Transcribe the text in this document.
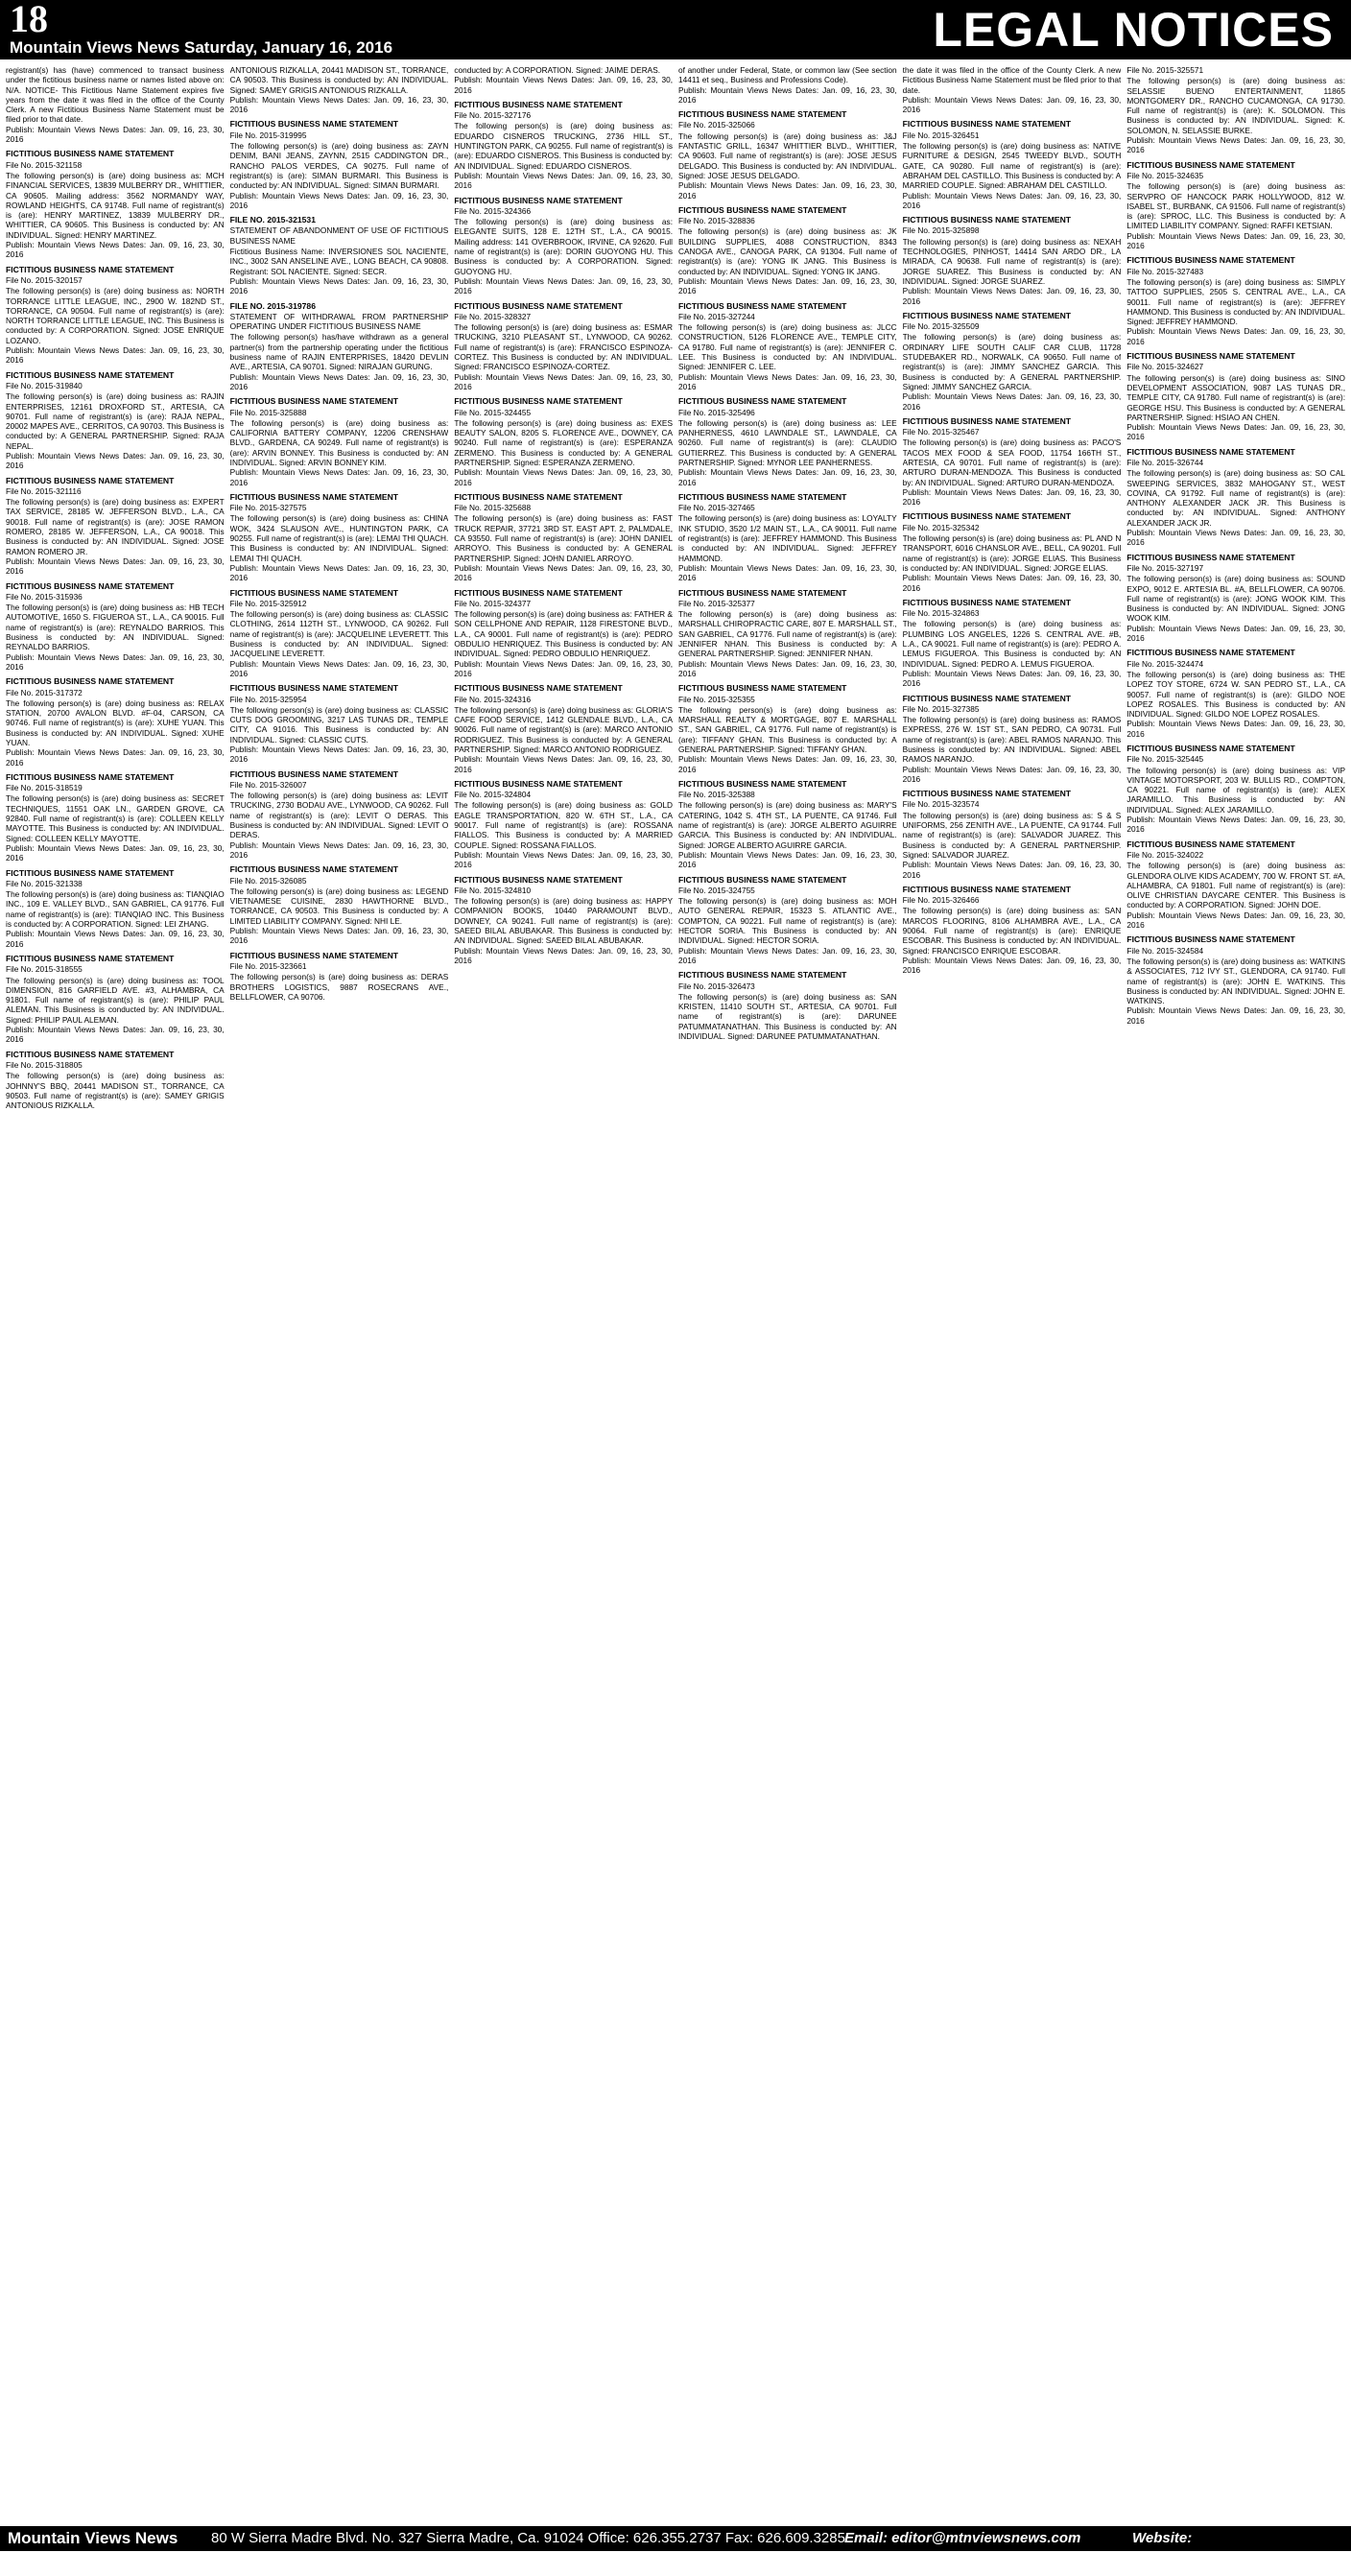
18
Mountain Views News Saturday, January 16, 2016	LEGAL NOTICES
registrant(s) has (have) commenced to transact business under the fictitious business name or names listed above on: N/A. NOTICE- This Fictitious Name Statement expires five years from the date it was filed in the office of the County Clerk. A new Fictitious Business Name Statement must be filed prior to that date.
Publish: Mountain Views News Dates: Jan. 09, 16, 23, 30, 2016
FICTITIOUS BUSINESS NAME STATEMENT
File No. 2015-321158
The following person(s) is (are) doing business as: MCH FINANCIAL SERVICES, 13839 MULBERRY DR., WHITTIER, CA 90605. Mailing address: 3562 NORMANDY WAY, ROWLAND HEIGHTS, CA 91748. Full name of registrant(s) is (are): HENRY MARTINEZ, 13839 MULBERRY DR., WHITTIER, CA 90605. This Business is conducted by: AN INDIVIDUAL. Signed: HENRY MARTINEZ.
Publish: Mountain Views News Dates: Jan. 09, 16, 23, 30, 2016
FICTITIOUS BUSINESS NAME STATEMENT
File No. 2015-320157
The following person(s) is (are) doing business as: NORTH TORRANCE LITTLE LEAGUE, INC., 2900 W. 182ND ST., TORRANCE, CA 90504. Full name of registrant(s) is (are): NORTH TORRANCE LITTLE LEAGUE, INC. This Business is conducted by: A CORPORATION. Signed: JOSE ENRIQUE LOZANO.
Publish: Mountain Views News Dates: Jan. 09, 16, 23, 30, 2016
FICTITIOUS BUSINESS NAME STATEMENT
File No. 2015-319840
The following person(s) is (are) doing business as: RAJIN ENTERPRISES, 12161 DROXFORD ST., ARTESIA, CA 90701. Full name of registrant(s) is (are): RAJA NEPAL, 20002 MAPES AVE., CERRITOS, CA 90703. This Business is conducted by: A GENERAL PARTNERSHIP. Signed: RAJA NEPAL.
Publish: Mountain Views News Dates: Jan. 09, 16, 23, 30, 2016
FICTITIOUS BUSINESS NAME STATEMENT
File No. 2015-321116
The following person(s) is (are) doing business as: EXPERT TAX SERVICE, 28185 W. JEFFERSON BLVD., L.A., CA 90018. Full name of registrant(s) is (are): JOSE RAMON ROMERO, 28185 W. JEFFERSON, L.A., CA 90018. This Business is conducted by: AN INDIVIDUAL. Signed: JOSE RAMON ROMERO JR.
Publish: Mountain Views News Dates: Jan. 09, 16, 23, 30, 2016
FICTITIOUS BUSINESS NAME STATEMENT
File No. 2015-315936
The following person(s) is (are) doing business as: HB TECH AUTOMOTIVE, 1650 S. FIGUEROA ST., L.A., CA 90015. Full name of registrant(s) is (are): REYNALDO BARRIOS. This Business is conducted by: AN INDIVIDUAL. Signed: REYNALDO BARRIOS.
Publish: Mountain Views News Dates: Jan. 09, 16, 23, 30, 2016
FICTITIOUS BUSINESS NAME STATEMENT
File No. 2015-317372
The following person(s) is (are) doing business as: RELAX STATION, 20700 AVALON BLVD. #F-04, CARSON, CA 90746. Full name of registrant(s) is (are): XUHE YUAN. This Business is conducted by: AN INDIVIDUAL. Signed: XUHE YUAN.
Publish: Mountain Views News Dates: Jan. 09, 16, 23, 30, 2016
FICTITIOUS BUSINESS NAME STATEMENT
File No. 2015-318519
The following person(s) is (are) doing business as: SECRET TECHNIQUES, 11551 OAK LN., GARDEN GROVE, CA 92840. Full name of registrant(s) is (are): COLLEEN KELLY MAYOTTE. This Business is conducted by: AN INDIVIDUAL. Signed: COLLEEN KELLY MAYOTTE.
Publish: Mountain Views News Dates: Jan. 09, 16, 23, 30, 2016
FICTITIOUS BUSINESS NAME STATEMENT
File No. 2015-321338
The following person(s) is (are) doing business as: TIANQIAO INC., 109 E. VALLEY BLVD., SAN GABRIEL, CA 91776. Full name of registrant(s) is (are): TIANQIAO INC. This Business is conducted by: A CORPORATION. Signed: LEI ZHANG.
Publish: Mountain Views News Dates: Jan. 09, 16, 23, 30, 2016
FICTITIOUS BUSINESS NAME STATEMENT
File No. 2015-318555
The following person(s) is (are) doing business as: TOOL DIMENSION, 816 GARFIELD AVE. #3, ALHAMBRA, CA 91801. Full name of registrant(s) is (are): PHILIP PAUL ALEMAN. This Business is conducted by: AN INDIVIDUAL. Signed: PHILIP PAUL ALEMAN.
Publish: Mountain Views News Dates: Jan. 09, 16, 23, 30, 2016
FICTITIOUS BUSINESS NAME STATEMENT
File No. 2015-318805
The following person(s) is (are) doing business as: JOHNNY'S BBQ, 20441 MADISON ST., TORRANCE, CA 90503. Full name of registrant(s) is (are): SAMEY GRIGIS ANTONIOUS RIZKALLA.
ANTONIOUS RIZKALLA, 20441 MADISON ST., TORRANCE, CA 90503. This Business is conducted by: AN INDIVIDUAL. Signed: SAMEY GRIGIS ANTONIOUS RIZKALLA.
Publish: Mountain Views News Dates: Jan. 09, 16, 23, 30, 2016
FICTITIOUS BUSINESS NAME STATEMENT
File No. 2015-319995
The following person(s) is (are) doing business as: ZAYN DENIM, BANI JEANS, ZAYNN, 2515 CADDINGTON DR., RANCHO PALOS VERDES, CA 90275. Full name of registrant(s) is (are): SIMAN BURMARI. This Business is conducted by: AN INDIVIDUAL. Signed: SIMAN BURMARI.
Publish: Mountain Views News Dates: Jan. 09, 16, 23, 30, 2016
FILE NO. 2015-321531
STATEMENT OF ABANDONMENT OF USE OF FICTITIOUS BUSINESS NAME
Fictitious Business Name: INVERSIONES SOL NACIENTE, INC., 3002 SAN ANSELINE AVE., LONG BEACH, CA 90808. Registrant: SOL NACIENTE. Signed: SECR.
Publish: Mountain Views News Dates: Jan. 09, 16, 23, 30, 2016
FILE NO. 2015-319786
STATEMENT OF WITHDRAWAL FROM PARTNERSHIP OPERATING UNDER FICTITIOUS BUSINESS NAME
The following person(s) has/have withdrawn as a general partner(s) from the partnership operating under the fictitious business name of RAJIN ENTERPRISES, 18420 DEVLIN AVE., ARTESIA, CA 90701. Signed: NIRAJAN GURUNG.
Publish: Mountain Views News Dates: Jan. 09, 16, 23, 30, 2016
FICTITIOUS BUSINESS NAME STATEMENT
File No. 2015-325888
The following person(s) is (are) doing business as: CALIFORNIA BATTERY COMPANY, 12206 CRENSHAW BLVD., GARDENA, CA 90249. Full name of registrant(s) is (are): ARVIN BONNEY. This Business is conducted by: AN INDIVIDUAL. Signed: ARVIN BONNEY KIM.
Publish: Mountain Views News Dates: Jan. 09, 16, 23, 30, 2016
FICTITIOUS BUSINESS NAME STATEMENT
File No. 2015-327575
The following person(s) is (are) doing business as: CHINA WOK, 3424 SLAUSON AVE., HUNTINGTON PARK, CA 90255. Full name of registrant(s) is (are): LEMAI THI QUACH. This Business is conducted by: AN INDIVIDUAL. Signed: LEMAI THI QUACH.
Publish: Mountain Views News Dates: Jan. 09, 16, 23, 30, 2016
FICTITIOUS BUSINESS NAME STATEMENT
File No. 2015-325912
The following person(s) is (are) doing business as: CLASSIC CLOTHING, 2614 112TH ST., LYNWOOD, CA 90262. Full name of registrant(s) is (are): JACQUELINE LEVERETT. This Business is conducted by: AN INDIVIDUAL. Signed: JACQUELINE LEVERETT.
Publish: Mountain Views News Dates: Jan. 09, 16, 23, 30, 2016
FICTITIOUS BUSINESS NAME STATEMENT
File No. 2015-325954
The following person(s) is (are) doing business as: CLASSIC CUTS DOG GROOMING, 3217 LAS TUNAS DR., TEMPLE CITY, CA 91016. This Business is conducted by: AN INDIVIDUAL. Signed: CLASSIC CUTS.
Publish: Mountain Views News Dates: Jan. 09, 16, 23, 30, 2016
FICTITIOUS BUSINESS NAME STATEMENT
File No. 2015-326007
The following person(s) is (are) doing business as: LEVIT TRUCKING, 2730 BODAU AVE., LYNWOOD, CA 90262. Full name of registrant(s) is (are): LEVIT O DERAS. This Business is conducted by: AN INDIVIDUAL. Signed: LEVIT O DERAS.
Publish: Mountain Views News Dates: Jan. 09, 16, 23, 30, 2016
FICTITIOUS BUSINESS NAME STATEMENT
File No. 2015-326085
The following person(s) is (are) doing business as: LEGEND VIETNAMESE CUISINE, 2830 HAWTHORNE BLVD., TORRANCE, CA 90503. This Business is conducted by: A LIMITED LIABILITY COMPANY. Signed: NHI LE.
Publish: Mountain Views News Dates: Jan. 09, 16, 23, 30, 2016
FICTITIOUS BUSINESS NAME STATEMENT
File No. 2015-323661
The following person(s) is (are) doing business as: DERAS BROTHERS LOGISTICS, 9887 ROSECRANS AVE., BELLFLOWER, CA 90706.
conducted by: A CORPORATION. Signed: JAIME DERAS.
Publish: Mountain Views News Dates: Jan. 09, 16, 23, 30, 2016
FICTITIOUS BUSINESS NAME STATEMENT
File No. 2015-327176
The following person(s) is (are) doing business as: EDUARDO CISNEROS TRUCKING, 2736 HILL ST., HUNTINGTON PARK, CA 90255. Full name of registrant(s) is (are): EDUARDO CISNEROS. This Business is conducted by: AN INDIVIDUAL. Signed: EDUARDO CISNEROS.
Publish: Mountain Views News Dates: Jan. 09, 16, 23, 30, 2016
FICTITIOUS BUSINESS NAME STATEMENT
File No. 2015-324366
The following person(s) is (are) doing business as: ELEGANTE SUITS, 128 E. 12TH ST., L.A., CA 90015. Mailing address: 141 OVERBROOK, IRVINE, CA 92620. Full name of registrant(s) is (are): DORIN GUOYONG HU. This Business is conducted by: A CORPORATION. Signed: GUOYONG HU.
Publish: Mountain Views News Dates: Jan. 09, 16, 23, 30, 2016
FICTITIOUS BUSINESS NAME STATEMENT
File No. 2015-328327
The following person(s) is (are) doing business as: ESMAR TRUCKING, 3210 PLEASANT ST., LYNWOOD, CA 90262. Full name of registrant(s) is (are): FRANCISCO ESPINOZA-CORTEZ. This Business is conducted by: AN INDIVIDUAL. Signed: FRANCISCO ESPINOZA-CORTEZ.
Publish: Mountain Views News Dates: Jan. 09, 16, 23, 30, 2016
FICTITIOUS BUSINESS NAME STATEMENT
File No. 2015-324455
The following person(s) is (are) doing business as: EXES BEAUTY SALON, 8205 S. FLORENCE AVE., DOWNEY, CA 90240. Full name of registrant(s) is (are): ESPERANZA ZERMENO. This Business is conducted by: A GENERAL PARTNERSHIP. Signed: ESPERANZA ZERMENO.
Publish: Mountain Views News Dates: Jan. 09, 16, 23, 30, 2016
FICTITIOUS BUSINESS NAME STATEMENT
File No. 2015-325688
The following person(s) is (are) doing business as: FAST TRUCK REPAIR, 37721 3RD ST. EAST APT. 2, PALMDALE, CA 93550. Full name of registrant(s) is (are): JOHN DANIEL ARROYO. This Business is conducted by: A GENERAL PARTNERSHIP. Signed: JOHN DANIEL ARROYO.
Publish: Mountain Views News Dates: Jan. 09, 16, 23, 30, 2016
FICTITIOUS BUSINESS NAME STATEMENT
File No. 2015-324377
The following person(s) is (are) doing business as: FATHER & SON CELLPHONE AND REPAIR, 1128 FIRESTONE BLVD., L.A., CA 90001. Full name of registrant(s) is (are): PEDRO OBDULIO HENRIQUEZ. This Business is conducted by: AN INDIVIDUAL. Signed: PEDRO OBDULIO HENRIQUEZ.
Publish: Mountain Views News Dates: Jan. 09, 16, 23, 30, 2016
FICTITIOUS BUSINESS NAME STATEMENT
File No. 2015-324316
The following person(s) is (are) doing business as: GLORIA'S CAFE FOOD SERVICE, 1412 GLENDALE BLVD., L.A., CA 90026. Full name of registrant(s) is (are): MARCO ANTONIO RODRIGUEZ. This Business is conducted by: A GENERAL PARTNERSHIP. Signed: MARCO ANTONIO RODRIGUEZ.
Publish: Mountain Views News Dates: Jan. 09, 16, 23, 30, 2016
FICTITIOUS BUSINESS NAME STATEMENT
File No. 2015-324804
The following person(s) is (are) doing business as: GOLD EAGLE TRANSPORTATION, 820 W. 6TH ST., L.A., CA 90017. Full name of registrant(s) is (are): ROSSANA FIALLOS. This Business is conducted by: A MARRIED COUPLE. Signed: ROSSANA FIALLOS.
Publish: Mountain Views News Dates: Jan. 09, 16, 23, 30, 2016
FICTITIOUS BUSINESS NAME STATEMENT
File No. 2015-324810
The following person(s) is (are) doing business as: HAPPY COMPANION BOOKS, 10440 PARAMOUNT BLVD., DOWNEY, CA 90241. Full name of registrant(s) is (are): SAEED BILAL ABUBAKAR. This Business is conducted by: AN INDIVIDUAL. Signed: SAEED BILAL ABUBAKAR.
Publish: Mountain Views News Dates: Jan. 09, 16, 23, 30, 2016
of another under Federal, State, or common law (See section 14411 et seq., Business and Professions Code).
Publish: Mountain Views News Dates: Jan. 09, 16, 23, 30, 2016
FICTITIOUS BUSINESS NAME STATEMENT
File No. 2015-325066
The following person(s) is (are) doing business as: J&J FANTASTIC GRILL, 16347 WHITTIER BLVD., WHITTIER, CA 90603. Full name of registrant(s) is (are): JOSE JESUS DELGADO. This Business is conducted by: AN INDIVIDUAL. Signed: JOSE JESUS DELGADO.
Publish: Mountain Views News Dates: Jan. 09, 16, 23, 30, 2016
FICTITIOUS BUSINESS NAME STATEMENT
File No. 2015-328836
The following person(s) is (are) doing business as: JK BUILDING SUPPLIES, 4088 CONSTRUCTION, 8343 CANOGA AVE., CANOGA PARK, CA 91304. Full name of registrant(s) is (are): YONG IK JANG. This Business is conducted by: AN INDIVIDUAL. Signed: YONG IK JANG.
Publish: Mountain Views News Dates: Jan. 09, 16, 23, 30, 2016
FICTITIOUS BUSINESS NAME STATEMENT
File No. 2015-327244
The following person(s) is (are) doing business as: JLCC CONSTRUCTION, 5126 FLORENCE AVE., TEMPLE CITY, CA 91780. Full name of registrant(s) is (are): JENNIFER C. LEE. This Business is conducted by: AN INDIVIDUAL. Signed: JENNIFER C. LEE.
Publish: Mountain Views News Dates: Jan. 09, 16, 23, 30, 2016
FICTITIOUS BUSINESS NAME STATEMENT
File No. 2015-325496
The following person(s) is (are) doing business as: LEE PANHERNESS, 4610 LAWNDALE ST., LAWNDALE, CA 90260. Full name of registrant(s) is (are): CLAUDIO GUTIERREZ. This Business is conducted by: A GENERAL PARTNERSHIP. Signed: MYNOR LEE PANHERNESS.
Publish: Mountain Views News Dates: Jan. 09, 16, 23, 30, 2016
FICTITIOUS BUSINESS NAME STATEMENT
File No. 2015-327465
The following person(s) is (are) doing business as: LOYALTY INK STUDIO, 3520 1/2 MAIN ST., L.A., CA 90011. Full name of registrant(s) is (are): JEFFREY HAMMOND. This Business is conducted by: AN INDIVIDUAL. Signed: JEFFREY HAMMOND.
Publish: Mountain Views News Dates: Jan. 09, 16, 23, 30, 2016
FICTITIOUS BUSINESS NAME STATEMENT
File No. 2015-325377
The following person(s) is (are) doing business as: MARSHALL CHIROPRACTIC CARE, 807 E. MARSHALL ST., SAN GABRIEL, CA 91776. Full name of registrant(s) is (are): JENNIFER NHAN. This Business is conducted by: A GENERAL PARTNERSHIP. Signed: JENNIFER NHAN.
Publish: Mountain Views News Dates: Jan. 09, 16, 23, 30, 2016
FICTITIOUS BUSINESS NAME STATEMENT
File No. 2015-325355
The following person(s) is (are) doing business as: MARSHALL REALTY & MORTGAGE, 807 E. MARSHALL ST., SAN GABRIEL, CA 91776. Full name of registrant(s) is (are): TIFFANY GHAN. This Business is conducted by: A GENERAL PARTNERSHIP. Signed: TIFFANY GHAN.
Publish: Mountain Views News Dates: Jan. 09, 16, 23, 30, 2016
FICTITIOUS BUSINESS NAME STATEMENT
File No. 2015-325388
The following person(s) is (are) doing business as: MARY'S CATERING, 1042 S. 4TH ST., LA PUENTE, CA 91746. Full name of registrant(s) is (are): JORGE ALBERTO AGUIRRE GARCIA. This Business is conducted by: AN INDIVIDUAL. Signed: JORGE ALBERTO AGUIRRE GARCIA.
Publish: Mountain Views News Dates: Jan. 09, 16, 23, 30, 2016
FICTITIOUS BUSINESS NAME STATEMENT
File No. 2015-324755
The following person(s) is (are) doing business as: MOH AUTO GENERAL REPAIR, 15323 S. ATLANTIC AVE., COMPTON, CA 90221. Full name of registrant(s) is (are): HECTOR SORIA. This Business is conducted by: AN INDIVIDUAL. Signed: HECTOR SORIA.
Publish: Mountain Views News Dates: Jan. 09, 16, 23, 30, 2016
FICTITIOUS BUSINESS NAME STATEMENT
File No. 2015-326473
The following person(s) is (are) doing business as: SAN KRISTEN, 11410 SOUTH ST., ARTESIA, CA 90701. Full name of registrant(s) is (are): DARUNEE PATUMMATANATHAN. This Business is conducted by: AN INDIVIDUAL. Signed: DARUNEE PATUMMATANATHAN.
the date it was filed in the office of the County Clerk. A new Fictitious Business Name Statement must be filed prior to that date.
Publish: Mountain Views News Dates: Jan. 09, 16, 23, 30, 2016
FICTITIOUS BUSINESS NAME STATEMENT
File No. 2015-326451
The following person(s) is (are) doing business as: NATIVE FURNITURE & DESIGN, 2545 TWEEDY BLVD., SOUTH GATE, CA 90280. Full name of registrant(s) is (are): ABRAHAM DEL CASTILLO. This Business is conducted by: A MARRIED COUPLE. Signed: ABRAHAM DEL CASTILLO.
Publish: Mountain Views News Dates: Jan. 09, 16, 23, 30, 2016
FICTITIOUS BUSINESS NAME STATEMENT
File No. 2015-325898
The following person(s) is (are) doing business as: NEXAH TECHNOLOGIES, PINHOST, 14414 SAN ARDO DR., LA MIRADA, CA 90638. Full name of registrant(s) is (are): JORGE SUAREZ. This Business is conducted by: AN INDIVIDUAL. Signed: JORGE SUAREZ.
Publish: Mountain Views News Dates: Jan. 09, 16, 23, 30, 2016
FICTITIOUS BUSINESS NAME STATEMENT
File No. 2015-325509
The following person(s) is (are) doing business as: ORDINARY LIFE SOUTH CALIF CAR CLUB, 11728 STUDEBAKER RD., NORWALK, CA 90650. Full name of registrant(s) is (are): JIMMY SANCHEZ GARCIA. This Business is conducted by: A GENERAL PARTNERSHIP. Signed: JIMMY SANCHEZ GARCIA.
Publish: Mountain Views News Dates: Jan. 09, 16, 23, 30, 2016
FICTITIOUS BUSINESS NAME STATEMENT
File No. 2015-325467
The following person(s) is (are) doing business as: PACO'S TACOS MEX FOOD & SEA FOOD, 11754 166TH ST., ARTESIA, CA 90701. Full name of registrant(s) is (are): ARTURO DURAN-MENDOZA. This Business is conducted by: AN INDIVIDUAL. Signed: ARTURO DURAN-MENDOZA.
Publish: Mountain Views News Dates: Jan. 09, 16, 23, 30, 2016
FICTITIOUS BUSINESS NAME STATEMENT
File No. 2015-325342
The following person(s) is (are) doing business as: PL AND N TRANSPORT, 6016 CHANSLOR AVE., BELL, CA 90201. Full name of registrant(s) is (are): JORGE ELIAS. This Business is conducted by: AN INDIVIDUAL. Signed: JORGE ELIAS.
Publish: Mountain Views News Dates: Jan. 09, 16, 23, 30, 2016
FICTITIOUS BUSINESS NAME STATEMENT
File No. 2015-324863
The following person(s) is (are) doing business as: PLUMBING LOS ANGELES, 1226 S. CENTRAL AVE. #B, L.A., CA 90021. Full name of registrant(s) is (are): PEDRO A. LEMUS FIGUEROA. This Business is conducted by: AN INDIVIDUAL. Signed: PEDRO A. LEMUS FIGUEROA.
Publish: Mountain Views News Dates: Jan. 09, 16, 23, 30, 2016
FICTITIOUS BUSINESS NAME STATEMENT
File No. 2015-327385
The following person(s) is (are) doing business as: RAMOS EXPRESS, 276 W. 1ST ST., SAN PEDRO, CA 90731. Full name of registrant(s) is (are): ABEL RAMOS NARANJO. This Business is conducted by: AN INDIVIDUAL. Signed: ABEL RAMOS NARANJO.
Publish: Mountain Views News Dates: Jan. 09, 16, 23, 30, 2016
FICTITIOUS BUSINESS NAME STATEMENT
File No. 2015-323574
The following person(s) is (are) doing business as: S & S UNIFORMS, 256 ZENITH AVE., LA PUENTE, CA 91744. Full name of registrant(s) is (are): SALVADOR JUAREZ. This Business is conducted by: A GENERAL PARTNERSHIP. Signed: SALVADOR JUAREZ.
Publish: Mountain Views News Dates: Jan. 09, 16, 23, 30, 2016
FICTITIOUS BUSINESS NAME STATEMENT
File No. 2015-326466
The following person(s) is (are) doing business as: SAN MARCOS FLOORING, 8106 ALHAMBRA AVE., L.A., CA 90064. Full name of registrant(s) is (are): ENRIQUE ESCOBAR. This Business is conducted by: AN INDIVIDUAL. Signed: FRANCISCO ENRIQUE ESCOBAR.
Publish: Mountain Views News Dates: Jan. 09, 16, 23, 30, 2016
File No. 2015-325571
The following person(s) is (are) doing business as: SELASSIE BUENO ENTERTAINMENT, 11865 MONTGOMERY DR., RANCHO CUCAMONGA, CA 91730. Full name of registrant(s) is (are): K. SOLOMON. This Business is conducted by: AN INDIVIDUAL. Signed: K. SOLOMON, N. SELASSIE BURKE.
Publish: Mountain Views News Dates: Jan. 09, 16, 23, 30, 2016
FICTITIOUS BUSINESS NAME STATEMENT
File No. 2015-324635
The following person(s) is (are) doing business as: SERVPRO OF HANCOCK PARK HOLLYWOOD, 812 W. ISABEL ST., BURBANK, CA 91506. Full name of registrant(s) is (are): SPROC, LLC. This Business is conducted by: A LIMITED LIABILITY COMPANY. Signed: RAFFI KETSIAN.
Publish: Mountain Views News Dates: Jan. 09, 16, 23, 30, 2016
FICTITIOUS BUSINESS NAME STATEMENT
File No. 2015-327483
The following person(s) is (are) doing business as: SIMPLY TATTOO SUPPLIES, 2505 S. CENTRAL AVE., L.A., CA 90011. Full name of registrant(s) is (are): JEFFREY HAMMOND. This Business is conducted by: AN INDIVIDUAL. Signed: JEFFREY HAMMOND.
Publish: Mountain Views News Dates: Jan. 09, 16, 23, 30, 2016
FICTITIOUS BUSINESS NAME STATEMENT
File No. 2015-324627
The following person(s) is (are) doing business as: SINO DEVELOPMENT ASSOCIATION, 9087 LAS TUNAS DR., TEMPLE CITY, CA 91780. Full name of registrant(s) is (are): GEORGE HSU. This Business is conducted by: A GENERAL PARTNERSHIP. Signed: HSIAO AN CHEN.
Publish: Mountain Views News Dates: Jan. 09, 16, 23, 30, 2016
FICTITIOUS BUSINESS NAME STATEMENT
File No. 2015-326744
The following person(s) is (are) doing business as: SO CAL SWEEPING SERVICES, 3832 MAHOGANY ST., WEST COVINA, CA 91792. Full name of registrant(s) is (are): ANTHONY ALEXANDER JACK JR. This Business is conducted by: AN INDIVIDUAL. Signed: ANTHONY ALEXANDER JACK JR.
Publish: Mountain Views News Dates: Jan. 09, 16, 23, 30, 2016
FICTITIOUS BUSINESS NAME STATEMENT
File No. 2015-327197
The following person(s) is (are) doing business as: SOUND EXPO, 9012 E. ARTESIA BL. #A, BELLFLOWER, CA 90706. Full name of registrant(s) is (are): JONG WOOK KIM. This Business is conducted by: AN INDIVIDUAL. Signed: JONG WOOK KIM.
Publish: Mountain Views News Dates: Jan. 09, 16, 23, 30, 2016
FICTITIOUS BUSINESS NAME STATEMENT
File No. 2015-324474
The following person(s) is (are) doing business as: THE LOPEZ TOY STORE, 6724 W. SAN PEDRO ST., L.A., CA 90057. Full name of registrant(s) is (are): GILDO NOE LOPEZ ROSALES. This Business is conducted by: AN INDIVIDUAL. Signed: GILDO NOE LOPEZ ROSALES.
Publish: Mountain Views News Dates: Jan. 09, 16, 23, 30, 2016
FICTITIOUS BUSINESS NAME STATEMENT
File No. 2015-325445
The following person(s) is (are) doing business as: VIP VINTAGE MOTORSPORT, 203 W. BULLIS RD., COMPTON, CA 90221. Full name of registrant(s) is (are): ALEX JARAMILLO. This Business is conducted by: AN INDIVIDUAL. Signed: ALEX JARAMILLO.
Publish: Mountain Views News Dates: Jan. 09, 16, 23, 30, 2016
FICTITIOUS BUSINESS NAME STATEMENT
File No. 2015-324022
The following person(s) is (are) doing business as: GLENDORA OLIVE KIDS ACADEMY, 700 W. FRONT ST. #A, ALHAMBRA, CA 91801. Full name of registrant(s) is (are): OLIVE CHRISTIAN DAYCARE CENTER. This Business is conducted by: A CORPORATION. Signed: JOHN DOE.
Publish: Mountain Views News Dates: Jan. 09, 16, 23, 30, 2016
FICTITIOUS BUSINESS NAME STATEMENT
File No. 2015-324584
The following person(s) is (are) doing business as: WATKINS & ASSOCIATES, 712 IVY ST., GLENDORA, CA 91740. Full name of registrant(s) is (are): JOHN E. WATKINS. This Business is conducted by: AN INDIVIDUAL. Signed: JOHN E. WATKINS.
Publish: Mountain Views News Dates: Jan. 09, 16, 23, 30, 2016
Mountain Views News 80 W Sierra Madre Blvd. No. 327 Sierra Madre, Ca. 91024 Office: 626.355.2737 Fax: 626.609.3285 Email: editor@mtnviewsnews.com	Website: www.mtnviewsnews.com
